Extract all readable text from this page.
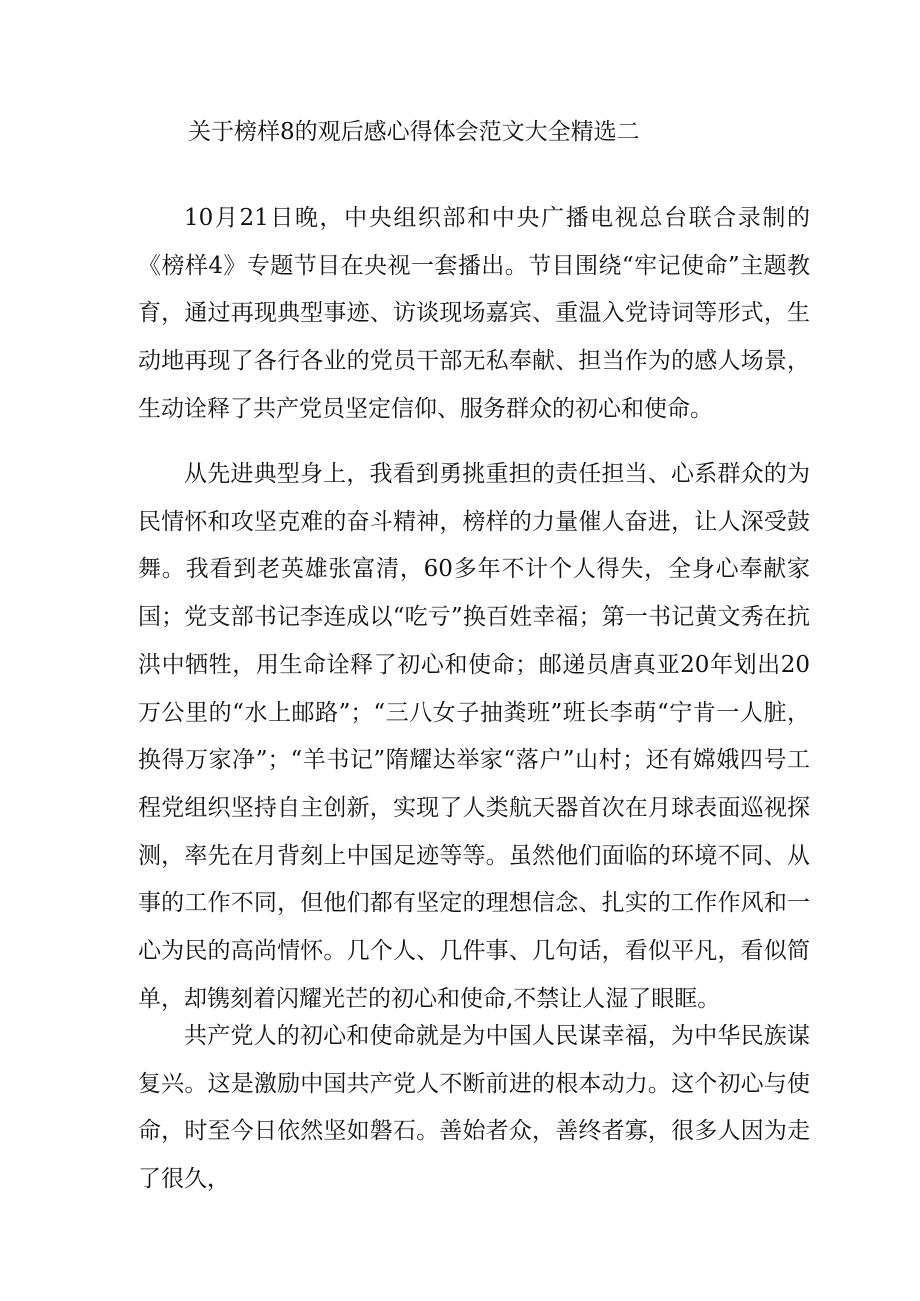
关于榜样8的观后感心得体会范文大全精选二

10月21日晚，中央组织部和中央广播电视总台联合录制的《榜样4》专题节目在央视一套播出。节目围绕“牢记使命”主题教育，通过再现典型事迹、访谈现场嘉宾、重温入党诗词等形式，生动地再现了各行各业的党员干部无私奉献、担当作为的感人场景，生动诠释了共产党员坚定信仰、服务群众的初心和使命。

从先进典型身上，我看到勇挑重担的责任担当、心系群众的为民情怀和攻坚克难的奋斗精神，榜样的力量催人奋进，让人深受鼓舞。我看到老英雄张富清，60多年不计个人得失，全身心奉献家国；党支部书记李连成以“吃亏”换百姓幸福；第一书记黄文秀在抗洪中牺牲，用生命诠释了初心和使命；邮递员唐真亚20年划出20万公里的“水上邮路”；“三八女子抽粪班”班长李萌“宁肯一人脏，换得万家净”；“羊书记”隋耀达举家“落户”山村；还有嫦娥四号工程党组织坚持自主创新，实现了人类航天器首次在月球表面巡视探测，率先在月背刻上中国足迹等等。虽然他们面临的环境不同、从事的工作不同，但他们都有坚定的理想信念、扎实的工作作风和一心为民的高尚情怀。几个人、几件事、几句话，看似平凡，看似简单，却镌刻着闪耀光芒的初心和使命,不禁让人湿了眼眶。

共产党人的初心和使命就是为中国人民谋幸福，为中华民族谋复兴。这是激励中国共产党人不断前进的根本动力。这个初心与使命，时至今日依然坚如磐石。善始者众，善终者寡，很多人因为走了很久，
